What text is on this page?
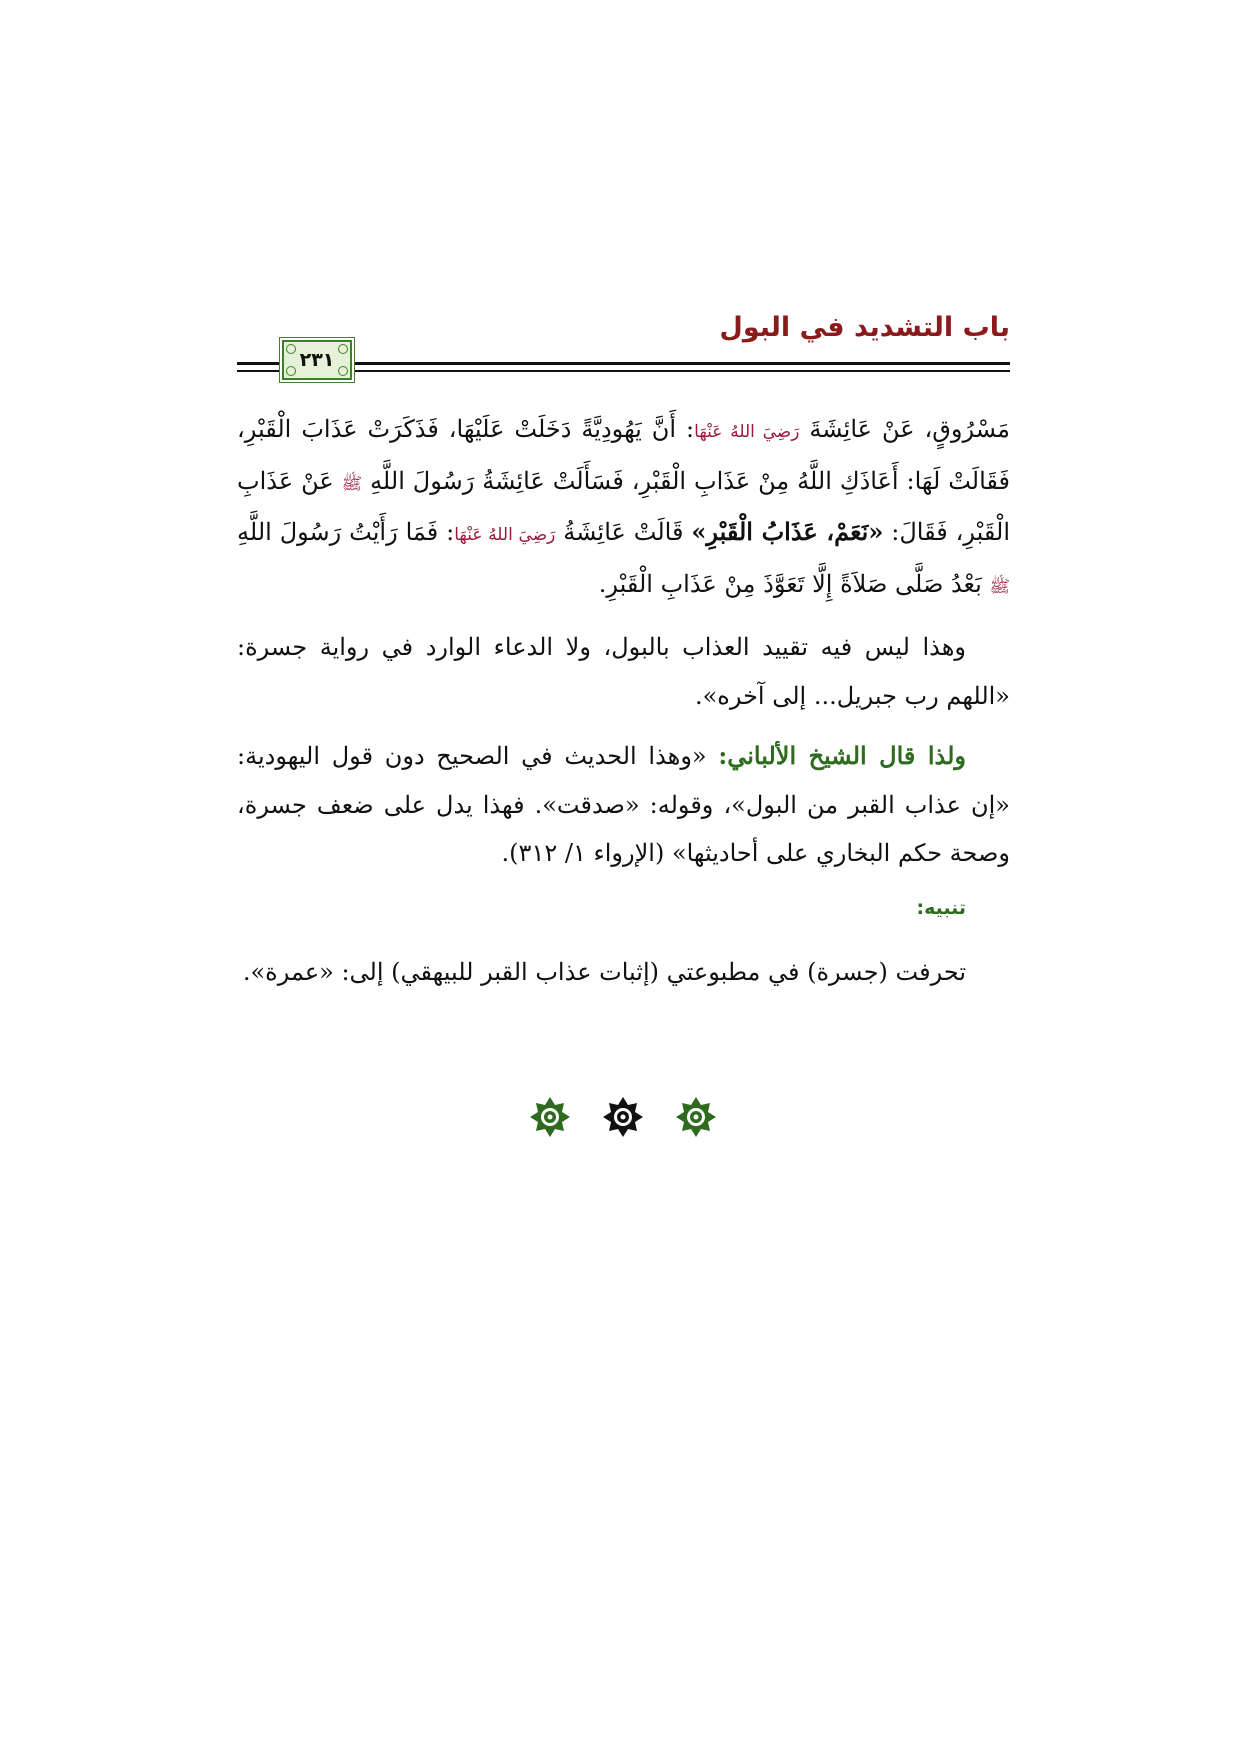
باب التشديد في البول
٢٣١

مَسْرُوقٍ، عَنْ عَائِشَةَ رَضِيَ اللهُ عَنْهَا: أَنَّ يَهُودِيَّةً دَخَلَتْ عَلَيْهَا، فَذَكَرَتْ عَذَابَ الْقَبْرِ، فَقَالَتْ لَهَا: أَعَاذَكِ اللَّهُ مِنْ عَذَابِ الْقَبْرِ، فَسَأَلَتْ عَائِشَةُ رَسُولَ اللَّهِ ﷺ عَنْ عَذَابِ الْقَبْرِ، فَقَالَ: «نَعَمْ، عَذَابُ الْقَبْرِ» قَالَتْ عَائِشَةُ رَضِيَ اللهُ عَنْهَا: فَمَا رَأَيْتُ رَسُولَ اللَّهِ ﷺ بَعْدُ صَلَّى صَلاَةً إِلَّا تَعَوَّذَ مِنْ عَذَابِ الْقَبْرِ.

وهذا ليس فيه تقييد العذاب بالبول، ولا الدعاء الوارد في رواية جسرة: «اللهم رب جبريل... إلى آخره».

ولذا قال الشيخ الألباني: «وهذا الحديث في الصحيح دون قول اليهودية: «إن عذاب القبر من البول»، وقوله: «صدقت». فهذا يدل على ضعف جسرة، وصحة حكم البخاري على أحاديثها» (الإرواء ١/ ٣١٢).

تنبيه:

تحرفت (جسرة) في مطبوعتي (إثبات عذاب القبر للبيهقي) إلى: «عمرة».
